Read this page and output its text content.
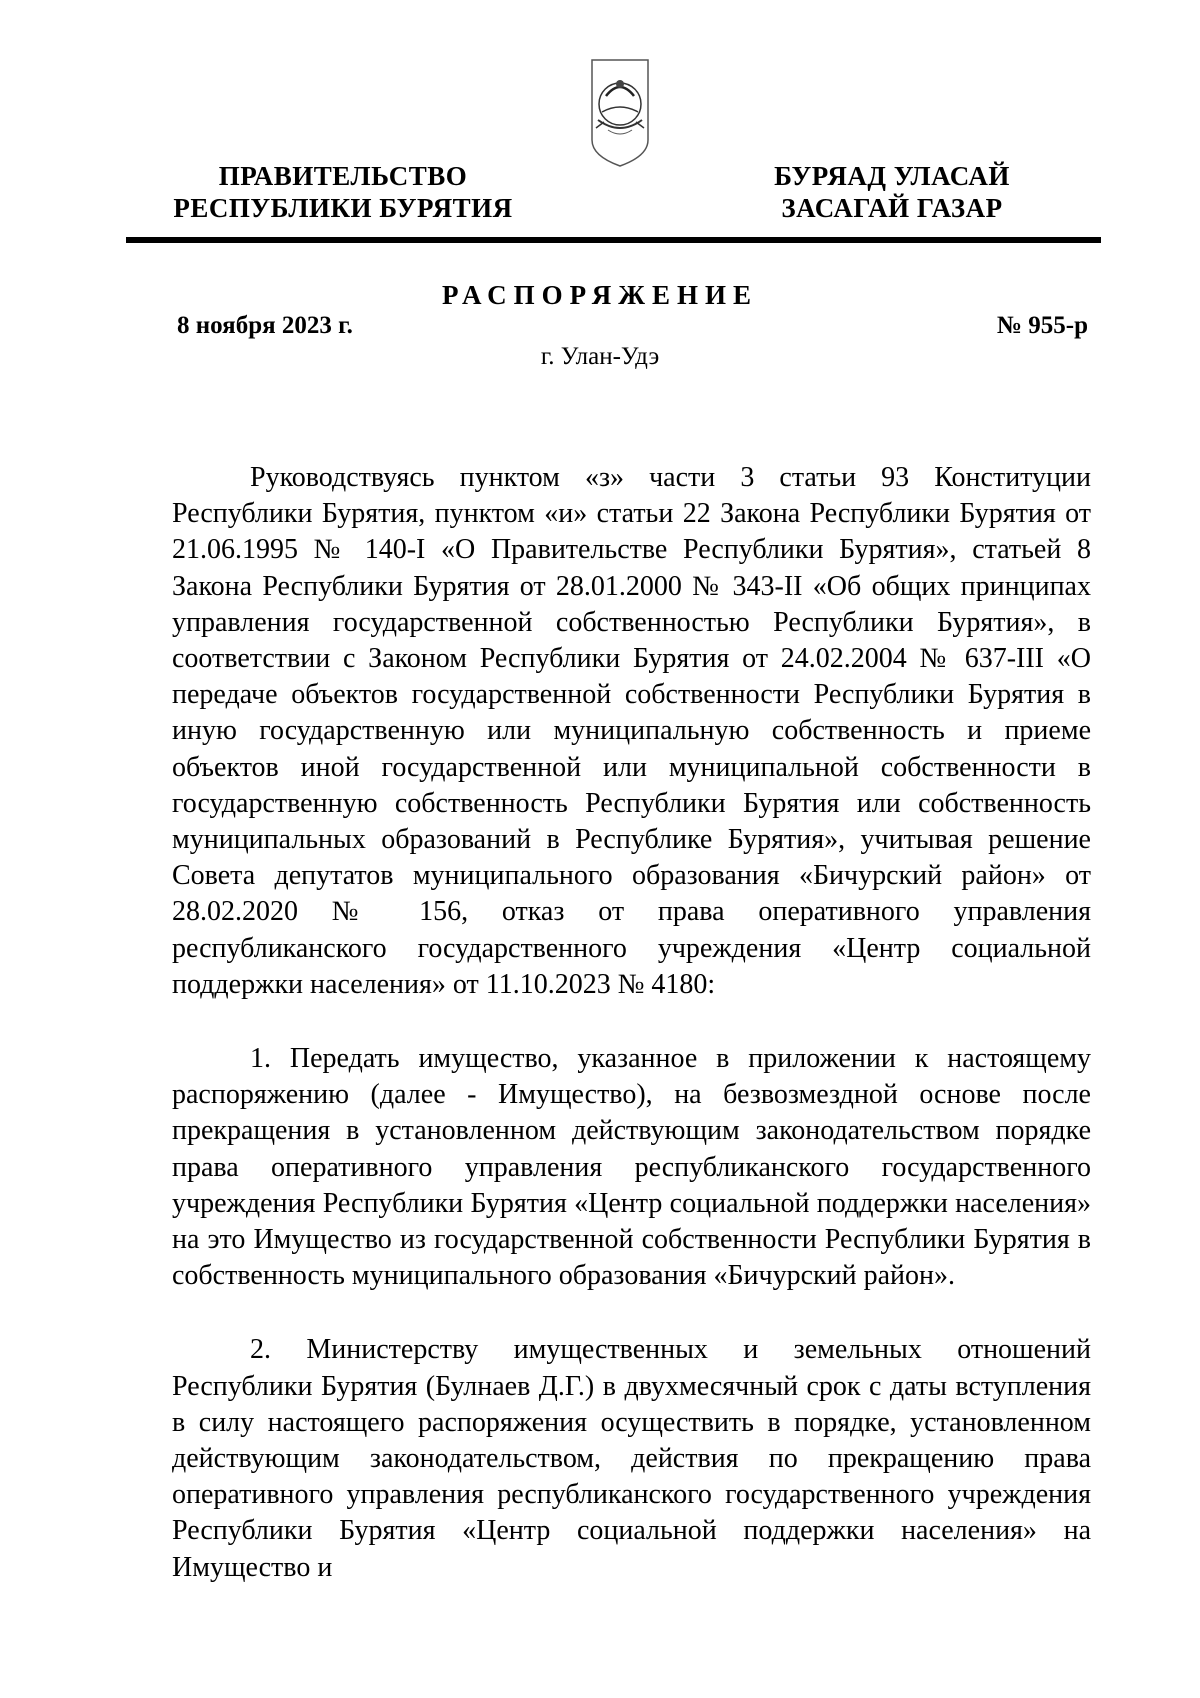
ПРАВИТЕЛЬСТВО
РЕСПУБЛИКИ БУРЯТИЯ
БУРЯАД УЛАСАЙ
ЗАСАГАЙ ГАЗАР
РАСПОРЯЖЕНИЕ
8 ноября 2023 г.	№ 955-р
г. Улан-Удэ

Руководствуясь пунктом «з» части 3 статьи 93 Конституции Республики Бурятия, пунктом «и» статьи 22 Закона Республики Бурятия от 21.06.1995 № 140-I «О Правительстве Республики Бурятия», статьей 8 Закона Республики Бурятия от 28.01.2000 № 343-II «Об общих принципах управления государственной собственностью Республики Бурятия», в соответствии с Законом Республики Бурятия от 24.02.2004 № 637-III «О передаче объектов государственной собственности Республики Бурятия в иную государственную или муниципальную собственность и приеме объектов иной государственной или муниципальной собственности в государственную собственность Республики Бурятия или собственность муниципальных образований в Республике Бурятия», учитывая решение Совета депутатов муниципального образования «Бичурский район» от 28.02.2020 № 156, отказ от права оперативного управления республиканского государственного учреждения «Центр социальной поддержки населения» от 11.10.2023 № 4180:

1. Передать имущество, указанное в приложении к настоящему распоряжению (далее - Имущество), на безвозмездной основе после прекращения в установленном действующим законодательством порядке права оперативного управления республиканского государственного учреждения Республики Бурятия «Центр социальной поддержки населения» на это Имущество из государственной собственности Республики Бурятия в собственность муниципального образования «Бичурский район».

2. Министерству имущественных и земельных отношений Республики Бурятия (Булнаев Д.Г.) в двухмесячный срок с даты вступления в силу настоящего распоряжения осуществить в порядке, установленном действующим законодательством, действия по прекращению права оперативного управления республиканского государственного учреждения Республики Бурятия «Центр социальной поддержки населения» на Имущество и
